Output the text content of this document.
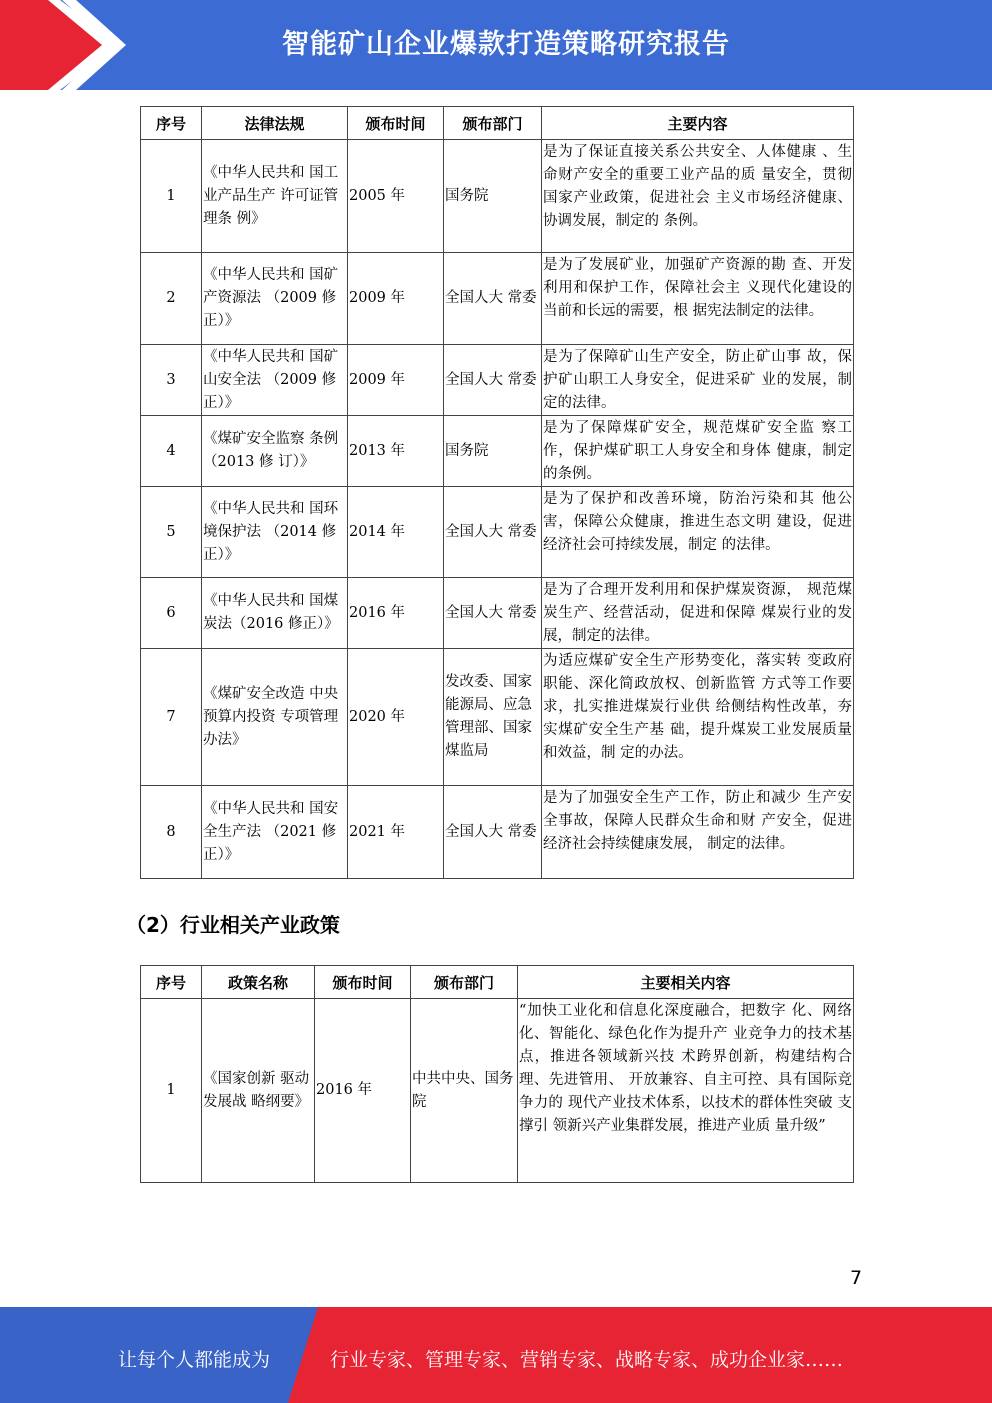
智能矿山企业爆款打造策略研究报告
序号	法律法规	颁布时间	颁布部门	主要内容
1	《中华人民共和 国工业产品生产 许可证管理条 例》	2005 年	国务院	是为了保证直接关系公共安全、人体健康 、生命财产安全的重要工业产品的质 量安全，贯彻国家产业政策，促进社会 主义市场经济健康、协调发展，制定的 条例。
2	《中华人民共和 国矿产资源法 （2009 修正）》	2009 年	全国人大 常委	是为了发展矿业，加强矿产资源的勘 查、开发利用和保护工作，保障社会主 义现代化建设的当前和长远的需要，根 据宪法制定的法律。
3	《中华人民共和 国矿山安全法 （2009 修正）》	2009 年	全国人大 常委	是为了保障矿山生产安全，防止矿山事 故，保护矿山职工人身安全，促进采矿 业的发展，制定的法律。
4	《煤矿安全监察 条例（2013 修 订）》	2013 年	国务院	是为了保障煤矿安全，规范煤矿安全监 察工作，保护煤矿职工人身安全和身体 健康，制定的条例。
5	《中华人民共和 国环境保护法 （2014 修正）》	2014 年	全国人大 常委	是为了保护和改善环境，防治污染和其 他公害，保障公众健康，推进生态文明 建设，促进经济社会可持续发展，制定 的法律。
6	《中华人民共和 国煤炭法（2016 修正）》	2016 年	全国人大 常委	是为了合理开发利用和保护煤炭资源， 规范煤炭生产、经营活动，促进和保障 煤炭行业的发展，制定的法律。
7	《煤矿安全改造 中央预算内投资 专项管理办法》	2020 年	发改委、国家能源局、应急管理部、国家煤监局	为适应煤矿安全生产形势变化，落实转 变政府职能、深化简政放权、创新监管 方式等工作要求，扎实推进煤炭行业供 给侧结构性改革，夯实煤矿安全生产基 础，提升煤炭工业发展质量和效益，制 定的办法。
8	《中华人民共和 国安全生产法 （2021 修正）》	2021 年	全国人大 常委	是为了加强安全生产工作，防止和减少 生产安全事故，保障人民群众生命和财 产安全，促进经济社会持续健康发展， 制定的法律。
（2）行业相关产业政策
序号	政策名称	颁布时间	颁布部门	主要相关内容
1	《国家创新 驱动发展战 略纲要》	2016 年	中共中央、国务院	“加快工业化和信息化深度融合，把数字 化、网络化、智能化、绿色化作为提升产 业竞争力的技术基点，推进各领域新兴技 术跨界创新，构建结构合理、先进管用、 开放兼容、自主可控、具有国际竞争力的 现代产业技术体系，以技术的群体性突破 支撑引 领新兴产业集群发展，推进产业质 量升级”
7
让每个人都能成为	行业专家、管理专家、营销专家、战略专家、成功企业家……
